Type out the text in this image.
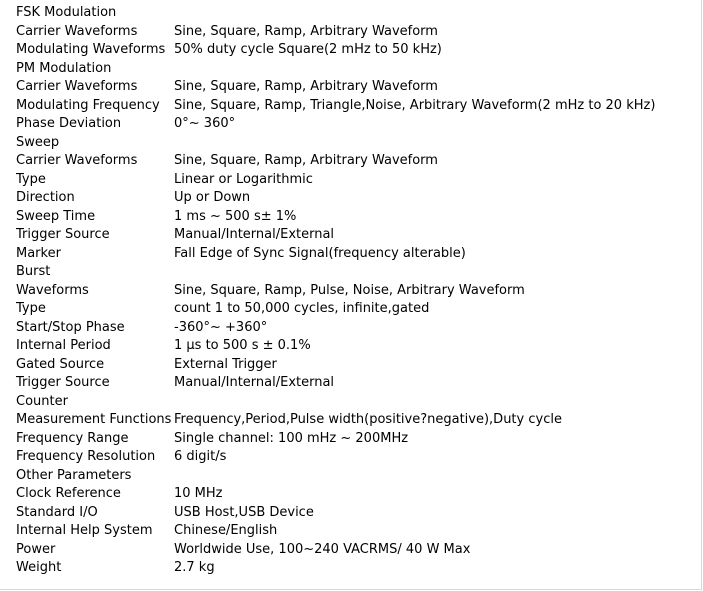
FSK Modulation	
Carrier Waveforms	Sine, Square, Ramp, Arbitrary Waveform
Modulating Waveforms	50% duty cycle Square(2 mHz to 50 kHz)
PM Modulation	
Carrier Waveforms	Sine, Square, Ramp, Arbitrary Waveform
Modulating Frequency	Sine, Square, Ramp, Triangle,Noise, Arbitrary Waveform(2 mHz to 20 kHz)
Phase Deviation	0°~ 360°
Sweep	
Carrier Waveforms	Sine, Square, Ramp, Arbitrary Waveform
Type	Linear or Logarithmic
Direction	Up or Down
Sweep Time	1 ms ~ 500 s± 1%
Trigger Source	Manual/Internal/External
Marker	Fall Edge of Sync Signal(frequency alterable)
Burst	
Waveforms	Sine, Square, Ramp, Pulse, Noise, Arbitrary Waveform
Type	count 1 to 50,000 cycles, infinite,gated
Start/Stop Phase	-360°~ +360°
Internal Period	1 μs to 500 s ± 0.1%
Gated Source	External Trigger
Trigger Source	Manual/Internal/External
Counter	
Measurement Functions	Frequency,Period,Pulse width(positive?negative),Duty cycle
Frequency Range	Single channel: 100 mHz ~ 200MHz
Frequency Resolution	6 digit/s
Other Parameters	
Clock Reference	10 MHz
Standard I/O	USB Host,USB Device
Internal Help System	Chinese/English
Power	Worldwide Use, 100~240 VACRMS/ 40 W Max
Weight	2.7 kg
